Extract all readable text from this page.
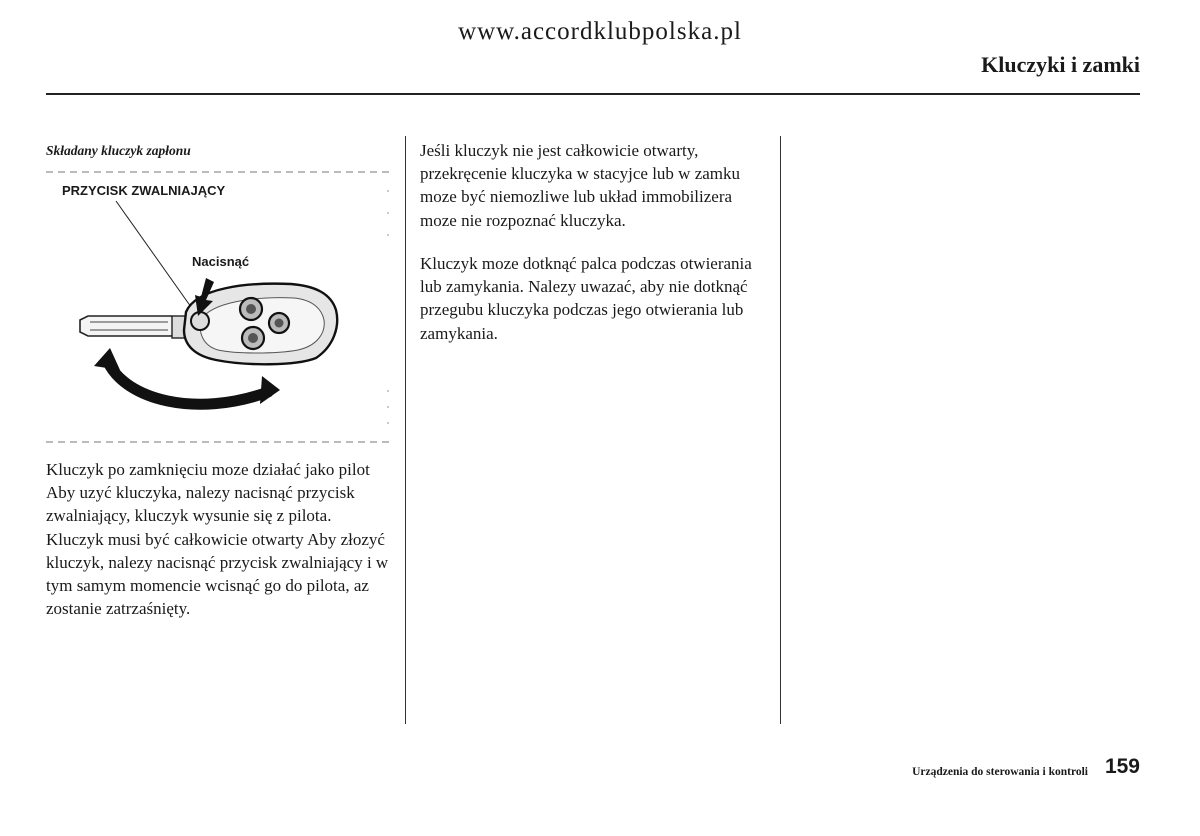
www.accordklubpolska.pl
Kluczyki i zamki
Składany kluczyk zapłonu
PRZYCISK ZWALNIAJĄCY
Nacisnąć
Kluczyk po zamknięciu moze działać jako pilot Aby uzyć kluczyka, nalezy nacisnąć przycisk zwalniający, kluczyk wysunie się z pilota. Kluczyk musi być całkowicie otwarty Aby złozyć kluczyk, nalezy nacisnąć przycisk zwalniający i w tym samym momencie wcisnąć go do pilota, az zostanie zatrzaśnięty.
Jeśli kluczyk nie jest całkowicie otwarty, przekręcenie kluczyka w stacyjce lub w zamku moze być niemozliwe lub układ immobilizera moze nie rozpoznać kluczyka.
Kluczyk moze dotknąć palca podczas otwierania lub zamykania. Nalezy uwazać, aby nie dotknąć przegubu kluczyka podczas jego otwierania lub zamykania.
Urządzenia do sterowania i kontroli 159
